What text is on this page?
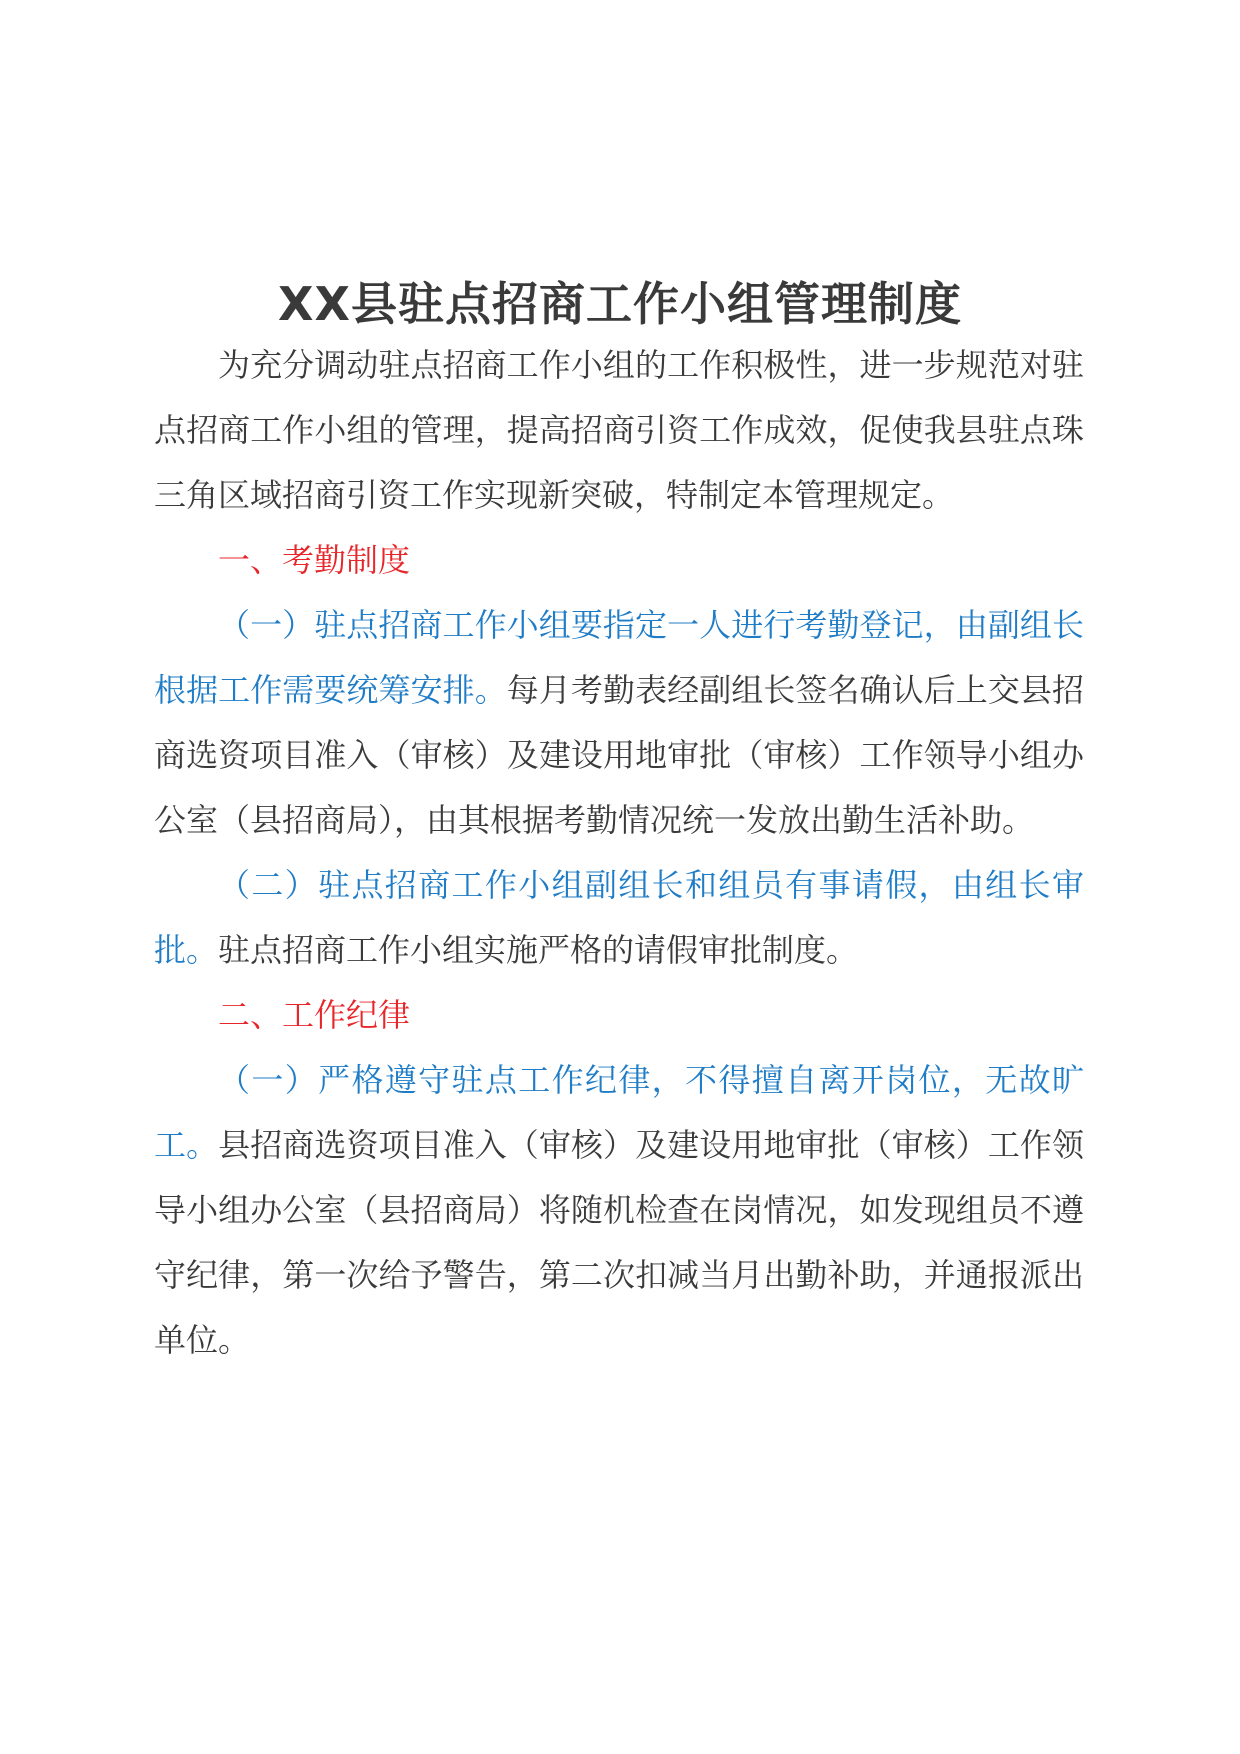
XX县驻点招商工作小组管理制度

为充分调动驻点招商工作小组的工作积极性，进一步规范对驻点招商工作小组的管理，提高招商引资工作成效，促使我县驻点珠三角区域招商引资工作实现新突破，特制定本管理规定。

一、考勤制度

（一）驻点招商工作小组要指定一人进行考勤登记，由副组长根据工作需要统筹安排。每月考勤表经副组长签名确认后上交县招商选资项目准入（审核）及建设用地审批（审核）工作领导小组办公室（县招商局），由其根据考勤情况统一发放出勤生活补助。

（二）驻点招商工作小组副组长和组员有事请假，由组长审批。驻点招商工作小组实施严格的请假审批制度。

二、工作纪律

（一）严格遵守驻点工作纪律，不得擅自离开岗位，无故旷工。县招商选资项目准入（审核）及建设用地审批（审核）工作领导小组办公室（县招商局）将随机检查在岗情况，如发现组员不遵守纪律，第一次给予警告，第二次扣减当月出勤补助，并通报派出单位。
